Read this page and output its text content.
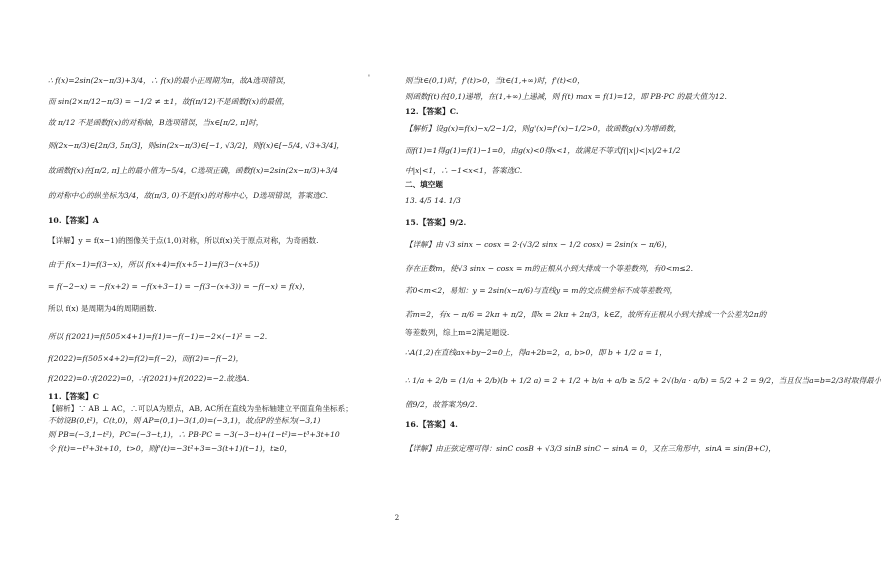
∴ f(x)=2sin(2x−π/3)+3/4，∴ f(x)的最小正周期为π，故A选项错误，
而 sin(2×π/12−π/3) = −1/2 ≠ ±1，故f(π/12)不是函数f(x)的最值，
故 π/12 不是函数f(x)的对称轴，B选项错误，当x∈[π/2, π]时，
则(2x−π/3)∈[2π/3, 5π/3]，则sin(2x−π/3)∈[−1, √3/2]，则f(x)∈[−5/4, √3+3/4]，
故函数f(x)在[π/2, π]上的最小值为−5/4，C选项正确，函数f(x)=2sin(2x−π/3)+3/4
的对称中心的纵坐标为3/4，故(π/3, 0)不是f(x)的对称中心，D选项错误，答案选C.
10.【答案】A
【详解】y = f(x−1)的图像关于点(1,0)对称，所以f(x)关于原点对称，为奇函数.
由于 f(x−1)=f(3−x)，所以 f(x+4)=f(x+5−1)=f(3−(x+5))
= f(−2−x) = −f(x+2) = −f(x+3−1) = −f(3−(x+3)) = −f(−x) = f(x)，
所以 f(x) 是周期为4的周期函数.
所以 f(2021)=f(505×4+1)=f(1)=−f(−1)=−2×(−1)² = −2.
f(2022)=f(505×4+2)=f(2)=f(−2)，而f(2)=−f(−2)，
f(2022)=0∴f(2022)=0，∴f(2021)+f(2022)=−2.故选A.
11.【答案】C
【解析】∵ AB ⊥ AC，∴可以A为原点，AB, AC所在直线为坐标轴建立平面直角坐标系；
不妨设B(0,t²)，C(t,0)，则 AP=(0,1)−3(1,0)=(−3,1)，故点P的坐标为(−3,1)
则 PB=(−3,1−t²)，PC=(−3−t,1)，∴ PB·PC = −3(−3−t)+(1−t²)=−t³+3t+10
令 f(t)=−t³+3t+10，t>0，则f'(t)=−3t²+3=−3(t+1)(t−1)，t≥0，
'	则当t∈(0,1)时，f'(t)>0，当t∈(1,+∞)时，f'(t)<0，
则函数f(t)在[0,1)递增，在(1,+∞)上递减，则 f(t) max = f(1)=12，即 PB·PC 的最大值为12.
12.【答案】C.
【解析】设g(x)=f(x)−x/2−1/2，则g'(x)=f'(x)−1/2>0，故函数g(x)为增函数，
而f(1)=1得g(1)=f(1)−1=0，由g(x)<0得x<1，故满足不等式f(|x|)<|x|/2+1/2
中|x|<1，∴ −1<x<1，答案选C.
二、填空题
13. 4/5 14. 1/3
15.【答案】9/2.
【详解】由 √3 sinx − cosx = 2·(√3/2 sinx − 1/2 cosx) = 2sin(x − π/6)，
存在正数m，使√3 sinx − cosx = m的正根从小到大排成一个等差数列，有0<m≤2.
若0<m<2，易知：y = 2sin(x−π/6)与直线y = m的交点横坐标不成等差数列，
若m=2，有x − π/6 = 2kπ + π/2，即x = 2kπ + 2π/3，k∈Z，故所有正根从小到大排成一个公差为2π的
等差数列，综上m=2满足题设.
∴A(1,2)在直线ax+by−2=0上，得a+2b=2，a, b>0，即 b + 1/2 a = 1，
∴ 1/a + 2/b = (1/a + 2/b)(b + 1/2 a) = 2 + 1/2 + b/a + a/b ≥ 5/2 + 2√(b/a · a/b) = 5/2 + 2 = 9/2，当且仅当a=b=2/3时取得最小
值9/2，故答案为9/2.
16.【答案】4.
【详解】由正弦定理可得：sinC cosB + √3/3 sinB sinC − sinA = 0，又在三角形中，sinA = sin(B+C)，
2
